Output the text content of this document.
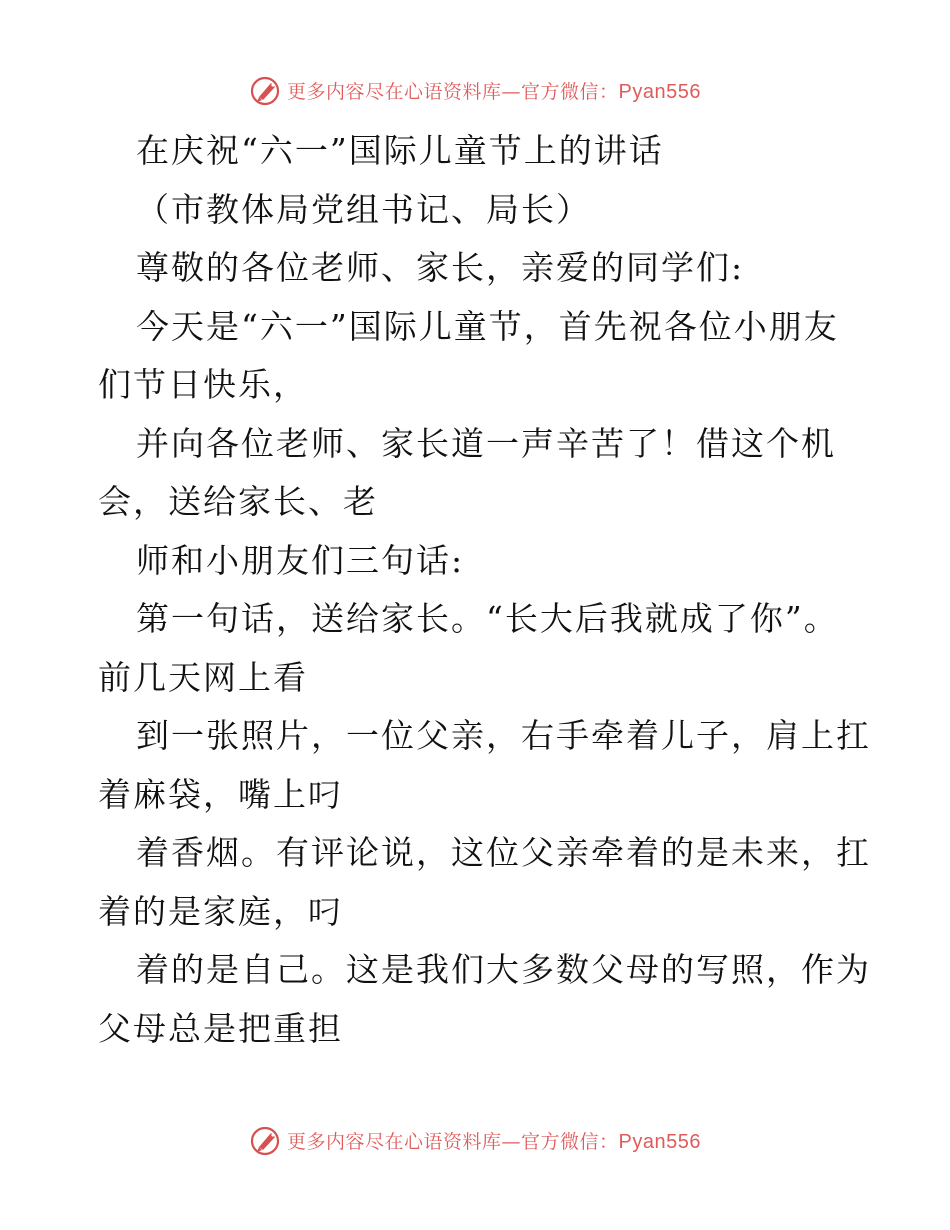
更多内容尽在心语资料库—官方微信：Pyan556
在庆祝“六一”国际儿童节上的讲话
（市教体局党组书记、局长）
尊敬的各位老师、家长，亲爱的同学们:
今天是“六一”国际儿童节，首先祝各位小朋友
们节日快乐，
并向各位老师、家长道一声辛苦了！借这个机
会，送给家长、老
师和小朋友们三句话:
第一句话，送给家长。“长大后我就成了你”。
前几天网上看
到一张照片，一位父亲，右手牵着儿子，肩上扛
着麻袋，嘴上叼
着香烟。有评论说，这位父亲牵着的是未来，扛
着的是家庭，叼
着的是自己。这是我们大多数父母的写照，作为
父母总是把重担
更多内容尽在心语资料库—官方微信：Pyan556
